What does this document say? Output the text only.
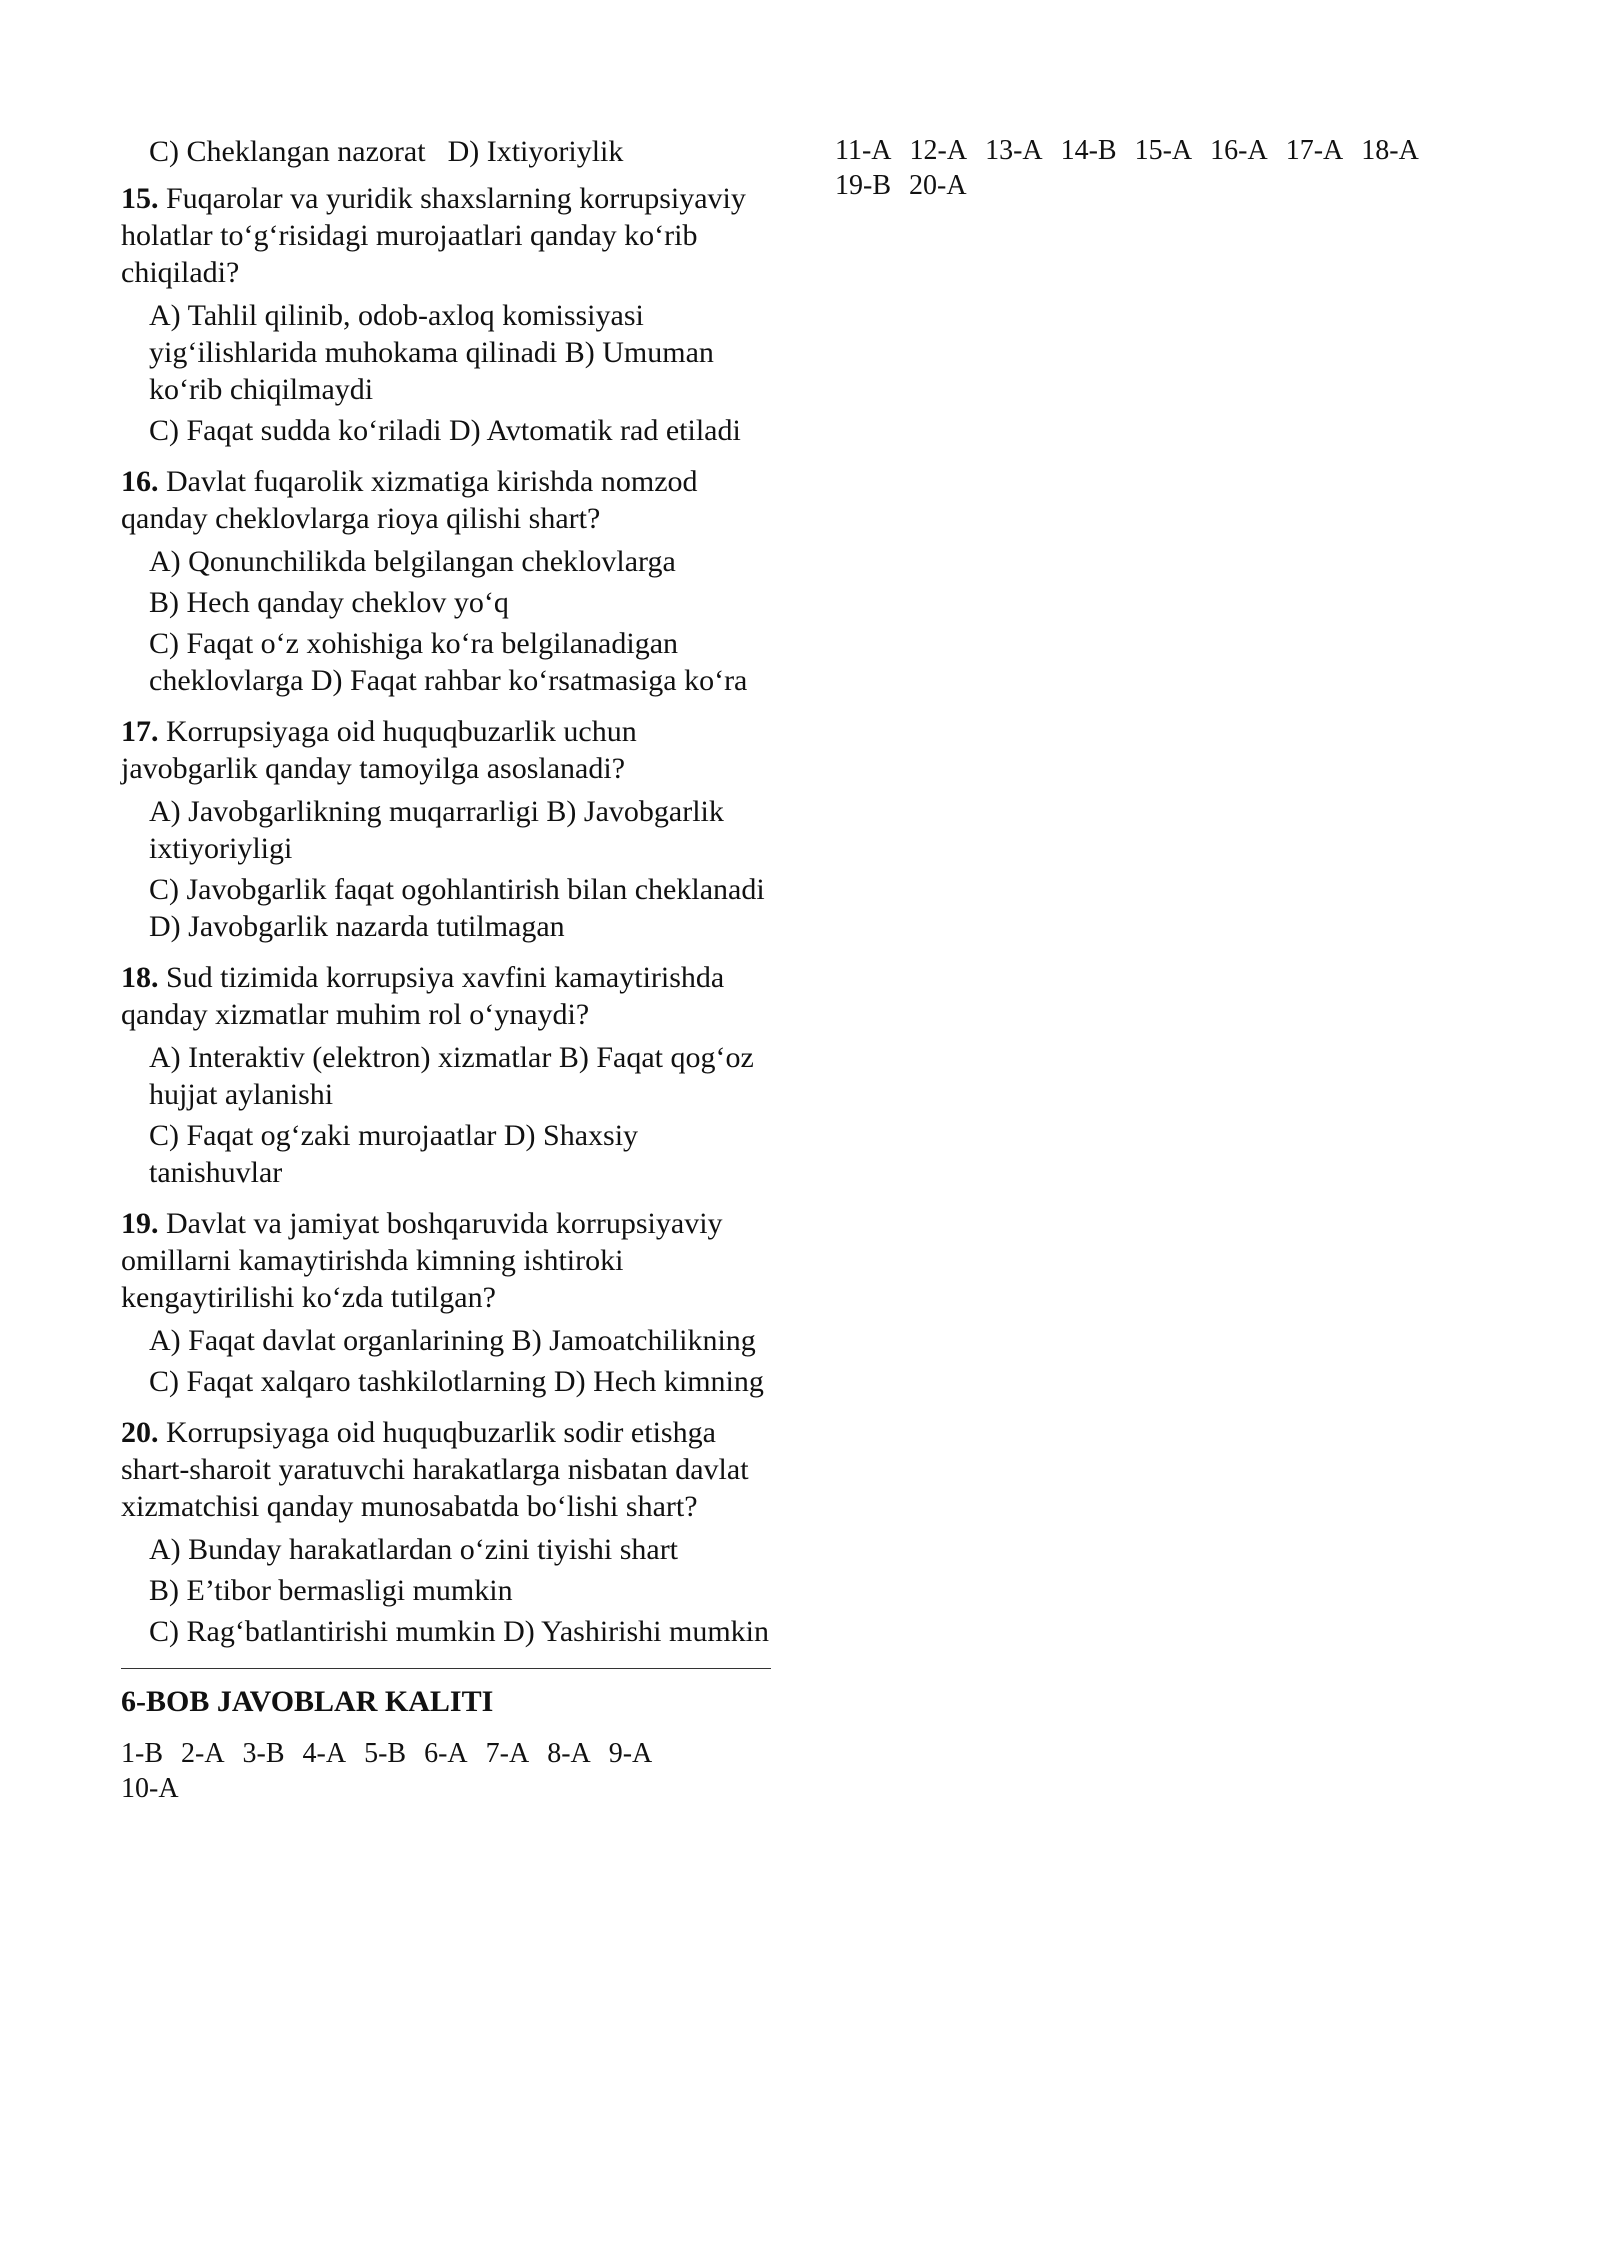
C) Cheklangan nazorat D) Ixtiyoriylik
15. Fuqarolar va yuridik shaxslarning korrupsiyaviy holatlar to‘g‘risidagi murojaatlari qanday ko‘rib chiqiladi?
A) Tahlil qilinib, odob-axloq komissiyasi yig‘ilishlarida muhokama qilinadi B) Umuman ko‘rib chiqilmaydi
C) Faqat sudda ko‘riladi D) Avtomatik rad etiladi
16. Davlat fuqarolik xizmatiga kirishda nomzod qanday cheklovlarga rioya qilishi shart?
A) Qonunchilikda belgilangan cheklovlarga
B) Hech qanday cheklov yo‘q
C) Faqat o‘z xohishiga ko‘ra belgilanadigan cheklovlarga D) Faqat rahbar ko‘rsatmasiga ko‘ra
17. Korrupsiyaga oid huquqbuzarlik uchun javobgarlik qanday tamoyilga asoslanadi?
A) Javobgarlikning muqarrarligi B) Javobgarlik ixtiyoriyligi
C) Javobgarlik faqat ogohlantirish bilan cheklanadi D) Javobgarlik nazarda tutilmagan
18. Sud tizimida korrupsiya xavfini kamaytirishda qanday xizmatlar muhim rol o‘ynaydi?
A) Interaktiv (elektron) xizmatlar B) Faqat qog‘oz hujjat aylanishi
C) Faqat og‘zaki murojaatlar D) Shaxsiy tanishuvlar
19. Davlat va jamiyat boshqaruvida korrupsiyaviy omillarni kamaytirishda kimning ishtiroki kengaytirilishi ko‘zda tutilgan?
A) Faqat davlat organlarining B) Jamoatchilikning
C) Faqat xalqaro tashkilotlarning D) Hech kimning
20. Korrupsiyaga oid huquqbuzarlik sodir etishga shart-sharoit yaratuvchi harakatlarga nisbatan davlat xizmatchisi qanday munosabatda bo‘lishi shart?
A) Bunday harakatlardan o‘zini tiyishi shart
B) E’tibor bermasligi mumkin
C) Rag‘batlantirishi mumkin D) Yashirishi mumkin
6-BOB JAVOBLAR KALITI
1-B 2-A 3-B 4-A 5-B 6-A 7-A 8-A 9-A
10-A
11-A 12-A 13-A 14-B 15-A 16-A 17-A 18-A
19-B 20-A
